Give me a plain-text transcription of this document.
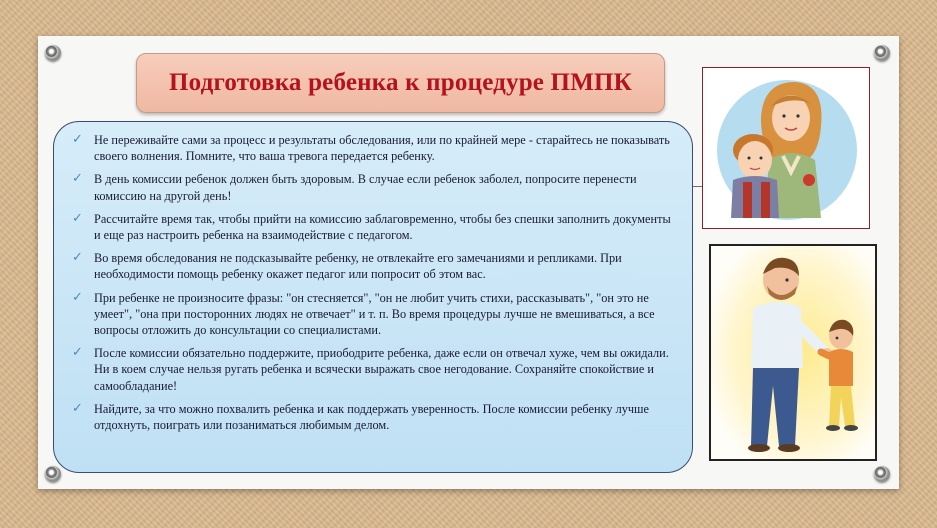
Подготовка ребенка к процедуре ПМПК
✓ Не переживайте сами за процесс и результаты обследования, или по крайней мере - старайтесь не показывать своего волнения. Помните, что ваша тревога передается ребенку.
✓ В день комиссии ребенок должен быть здоровым. В случае если ребенок заболел, попросите перенести комиссию на другой день!
✓ Рассчитайте время так, чтобы прийти на комиссию заблаговременно, чтобы без спешки заполнить документы и еще раз настроить ребенка на взаимодействие с педагогом.
✓ Во время обследования не подсказывайте ребенку, не отвлекайте его замечаниями и репликами. При необходимости помощь ребенку окажет педагог или попросит об этом вас.
✓ При ребенке не произносите фразы: "он стесняется", "он не любит учить стихи, рассказывать", "он это не умеет", "она при посторонних людях не отвечает" и т. п. Во время процедуры лучше не вмешиваться, а все вопросы отложить до консультации со специалистами.
✓ После комиссии обязательно поддержите, приободрите ребенка, даже если он отвечал хуже, чем вы ожидали. Ни в коем случае нельзя ругать ребенка и всячески выражать свое негодование. Сохраняйте спокойствие и самообладание!
✓ Найдите, за что можно похвалить ребенка и как поддержать уверенность. После комиссии ребенку лучше отдохнуть, поиграть или позаниматься любимым делом.
